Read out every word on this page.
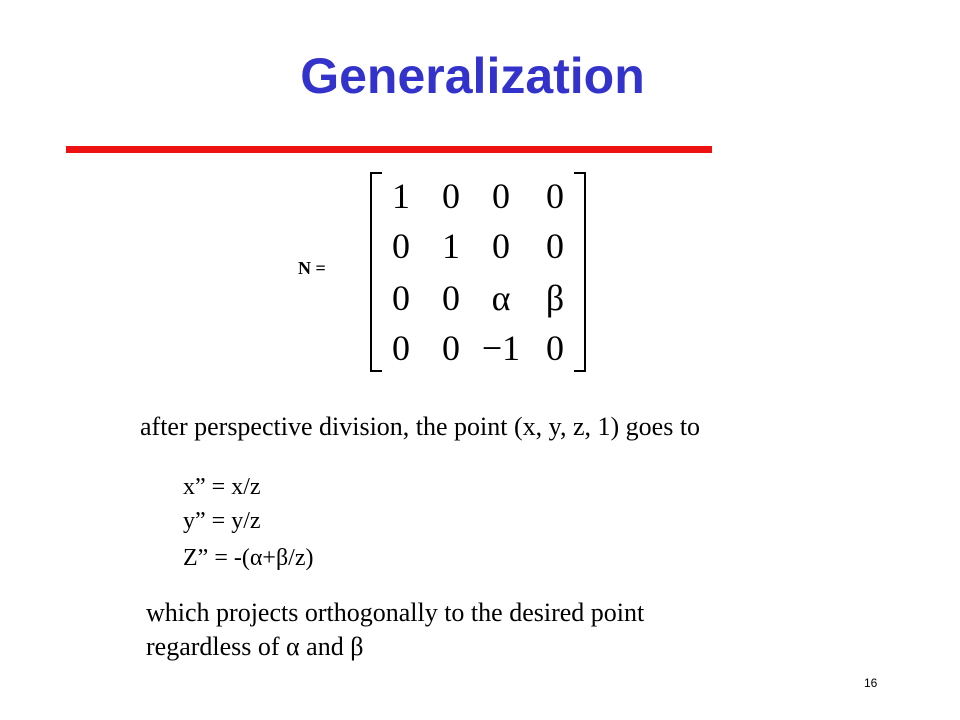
Generalization
N =
1 0 0	0
0 1 0	0
0 0 α β
0 0 −1 0
after perspective division, the point (x, y, z, 1) goes to
x” = x/z
y” = y/z
Z” = -(α+β/z)
which projects orthogonally to the desired point
regardless of α and β
16
